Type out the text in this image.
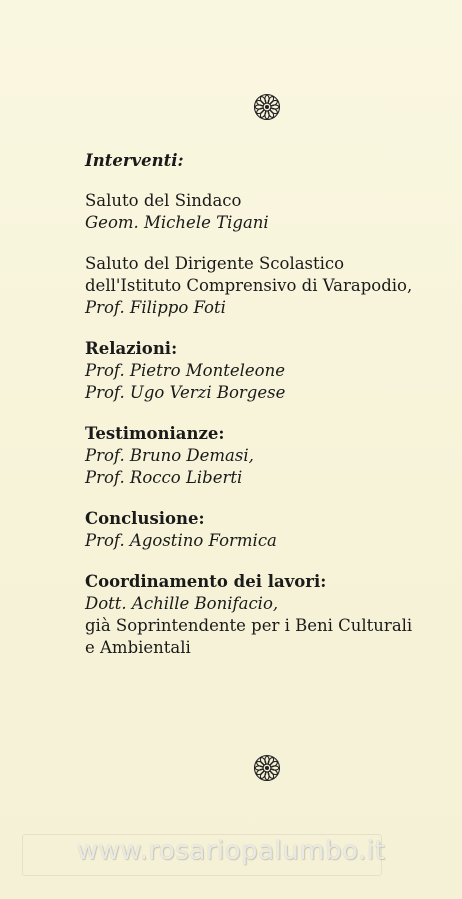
Interventi:
Saluto del Sindaco
Geom. Michele Tigani
Saluto del Dirigente Scolastico
dell'Istituto Comprensivo di Varapodio,
Prof. Filippo Foti
Relazioni:
Prof. Pietro Monteleone
Prof. Ugo Verzi Borgese
Testimonianze:
Prof. Bruno Demasi,
Prof. Rocco Liberti
Conclusione:
Prof. Agostino Formica
Coordinamento dei lavori:
Dott. Achille Bonifacio,
già Soprintendente per i Beni Culturali
e Ambientali
www.rosariopalumbo.it
